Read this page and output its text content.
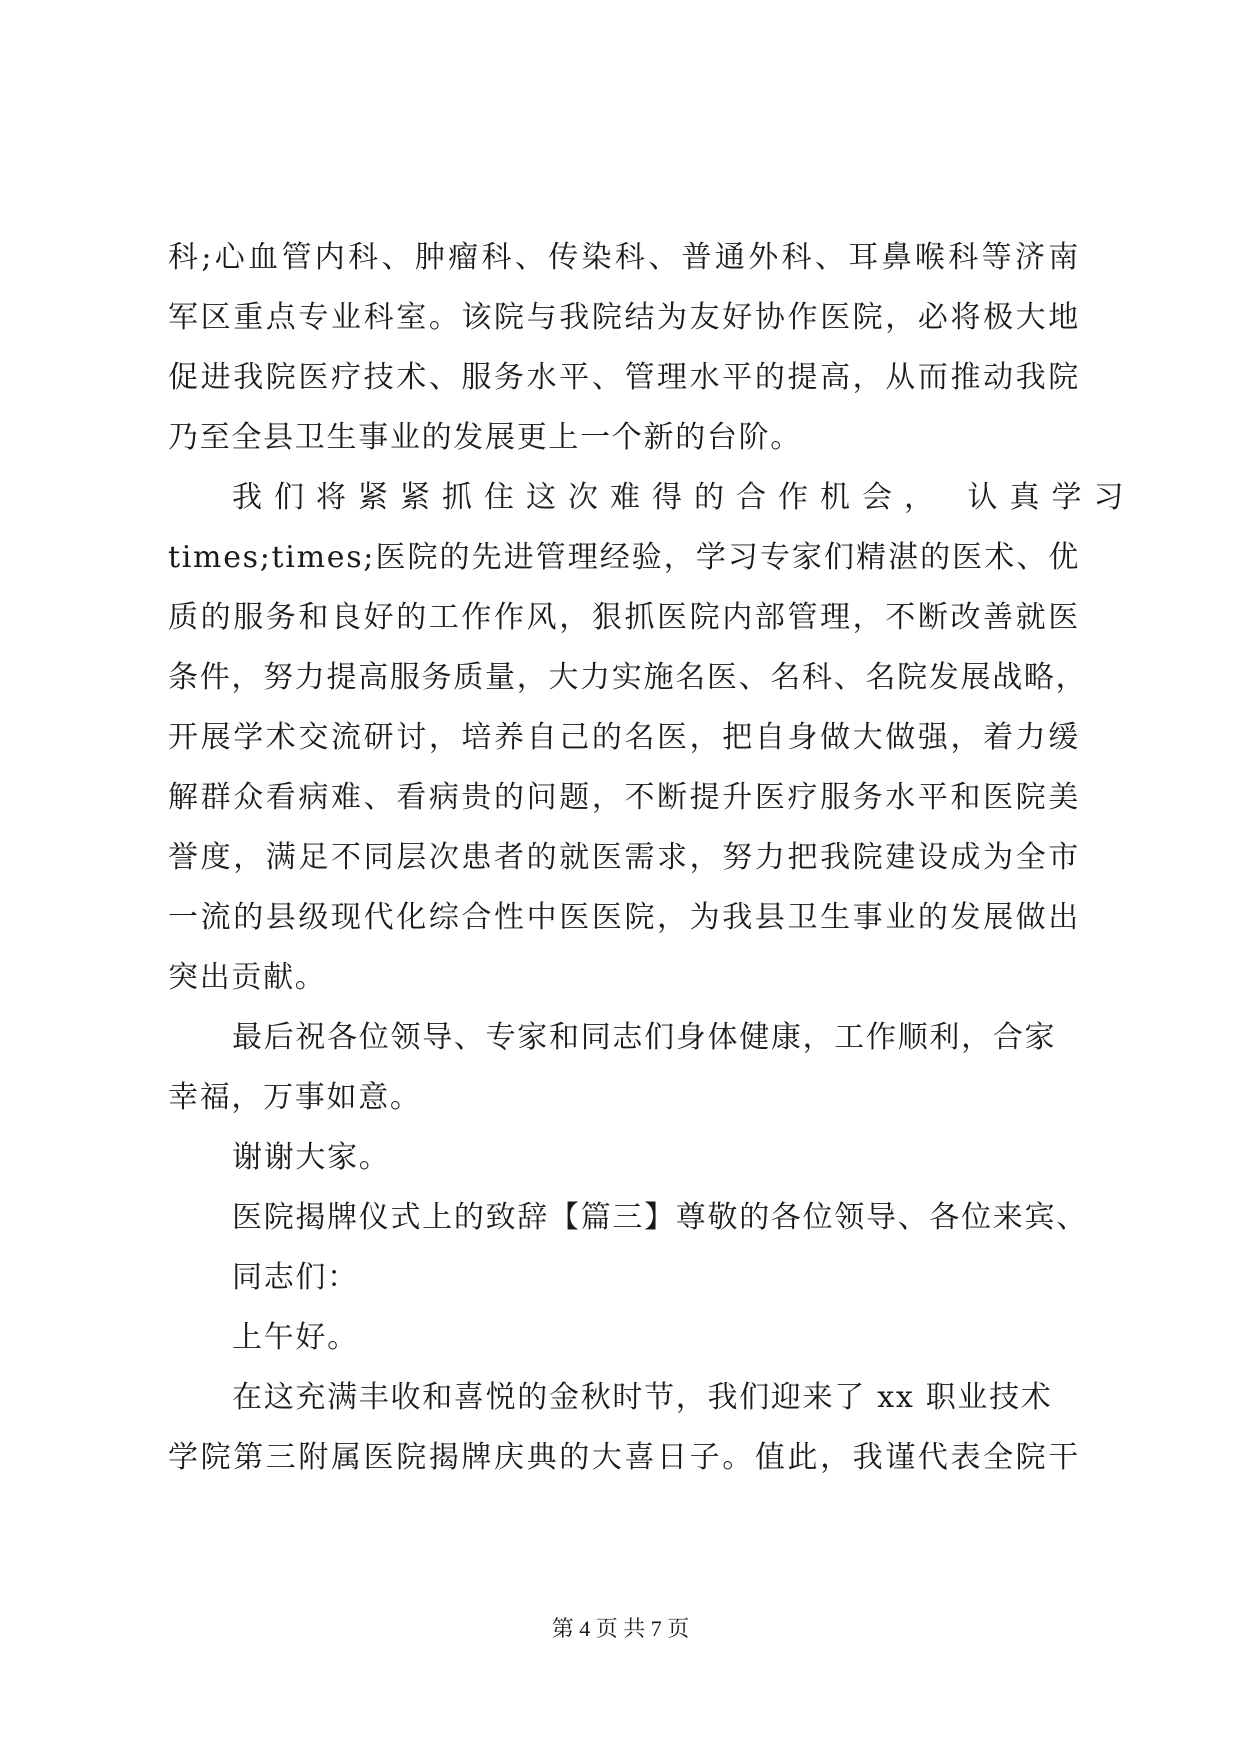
科;心血管内科、肿瘤科、传染科、普通外科、耳鼻喉科等济南
军区重点专业科室。该院与我院结为友好协作医院，必将极大地
促进我院医疗技术、服务水平、管理水平的提高，从而推动我院
乃至全县卫生事业的发展更上一个新的台阶。
我们将紧紧抓住这次难得的合作机会， 认真学习
times;times;医院的先进管理经验，学习专家们精湛的医术、优
质的服务和良好的工作作风，狠抓医院内部管理，不断改善就医
条件，努力提高服务质量，大力实施名医、名科、名院发展战略，
开展学术交流研讨，培养自己的名医，把自身做大做强，着力缓
解群众看病难、看病贵的问题，不断提升医疗服务水平和医院美
誉度，满足不同层次患者的就医需求，努力把我院建设成为全市
一流的县级现代化综合性中医医院，为我县卫生事业的发展做出
突出贡献。
最后祝各位领导、专家和同志们身体健康，工作顺利，合家
幸福，万事如意。
谢谢大家。
医院揭牌仪式上的致辞【篇三】尊敬的各位领导、各位来宾、
同志们：
上午好。
在这充满丰收和喜悦的金秋时节，我们迎来了 xx 职业技术
学院第三附属医院揭牌庆典的大喜日子。值此，我谨代表全院干
第 4 页 共 7 页
